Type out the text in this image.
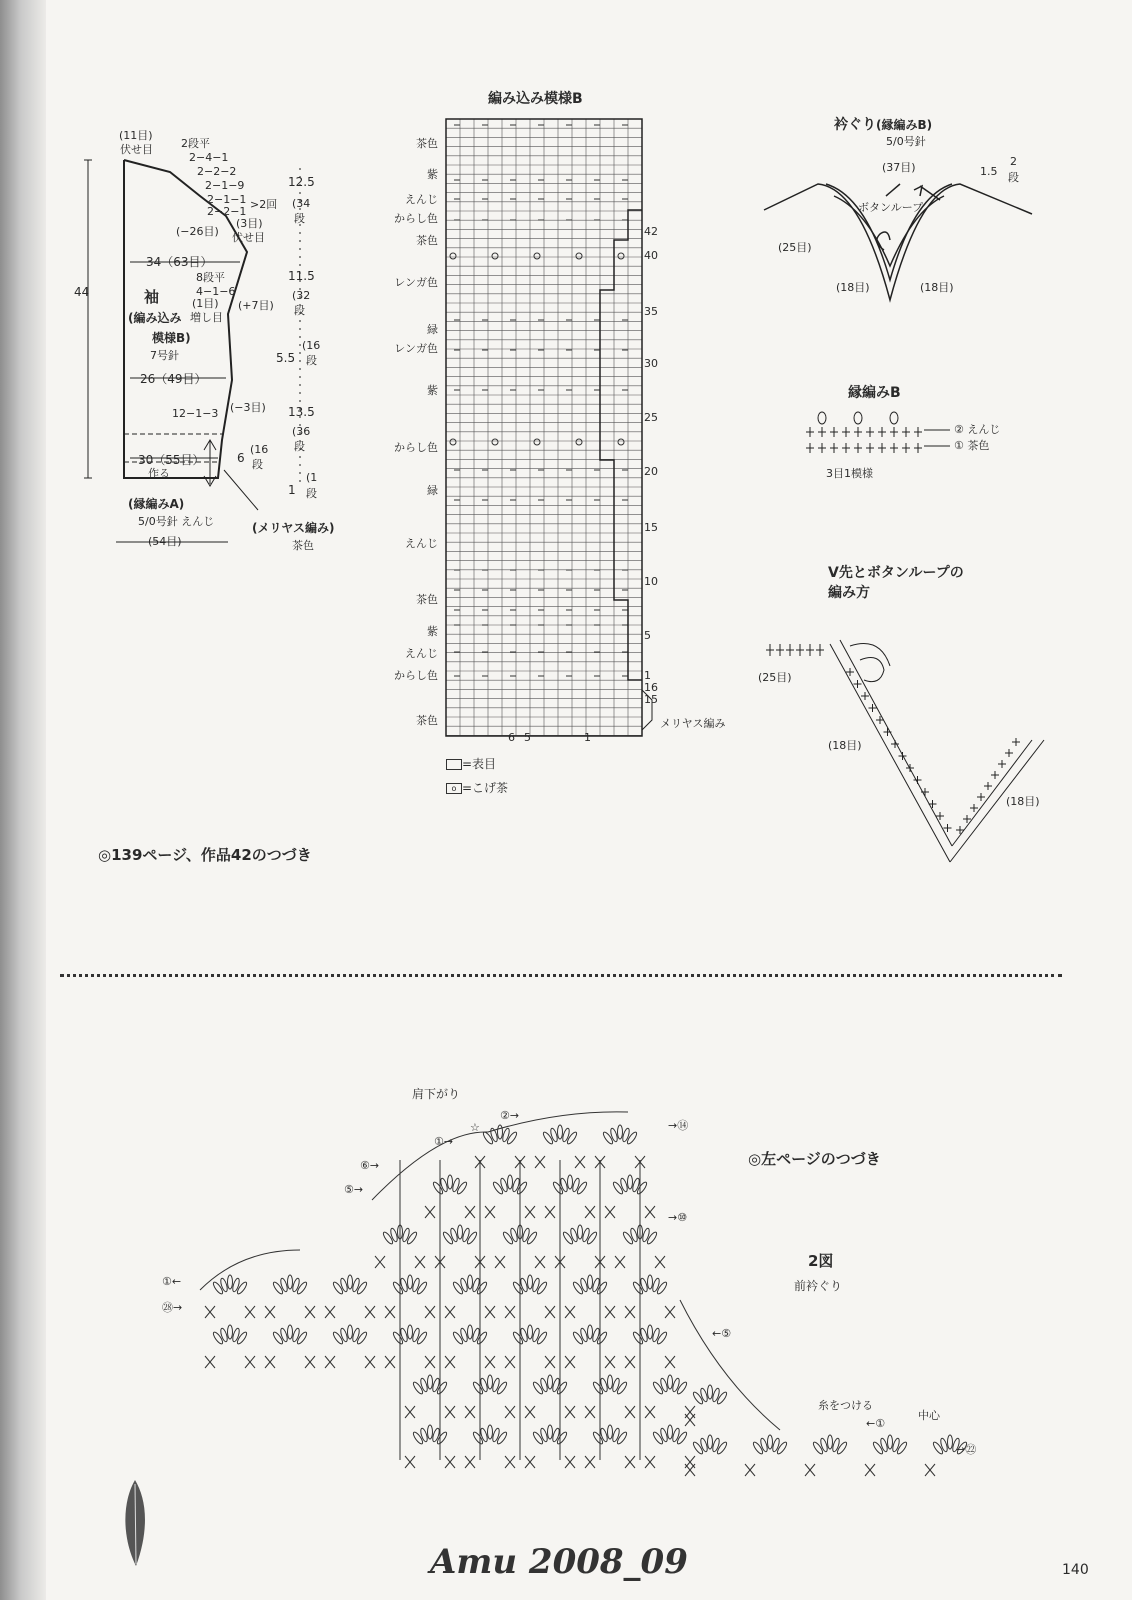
(11目)
伏せ目	2段平
2−4−1
2−2−2
2−1−9
2−1−1
2−2−1
>2回
(−26目)
(3目)
伏せ目
34（63目）
44	袖
(編み込み
模様B)
7号針
8段平
4−1−6
(1目)
増し目
(+7目)
26（49目）
12−1−3 (−3目)
30（55目）
作る
6
(縁編みA)
5/0号針 えんじ
(54目)
(メリヤス編み)
茶色
12.5
(34
段
11.5
(32
段
5.5
(16
段
13.5
(36
段
(16
段
1
(1
段
編み込み模様B
茶色
紫
えんじ
からし色
茶色
レンガ色
緑
レンガ色
紫
からし色
緑
えんじ
茶色
紫
えんじ
からし色
茶色
42
40
35
30
25
20
15
10
5
1
16
15
メリヤス編み
6 5	1
=表目
o =こげ茶
衿ぐり(縁編みB)
5/0号針
(37目)	1.5
2
段
ボタンループ
(25目)
(18目)	(18目)
縁編みB
② えんじ
① 茶色
3目1模様
V先とボタンループの
編み方
(25目)
(18目)
(18目)
◎139ページ、作品42のつづき
肩下がり
◎左ページのつづき
2図
前衿ぐり
糸をつける
中心
①→
☆
②→
→⑭
⑥→
⑤→
→⑩
①←
㉘→
←⑤
←①
→㉒
Amu 2008_09	140
